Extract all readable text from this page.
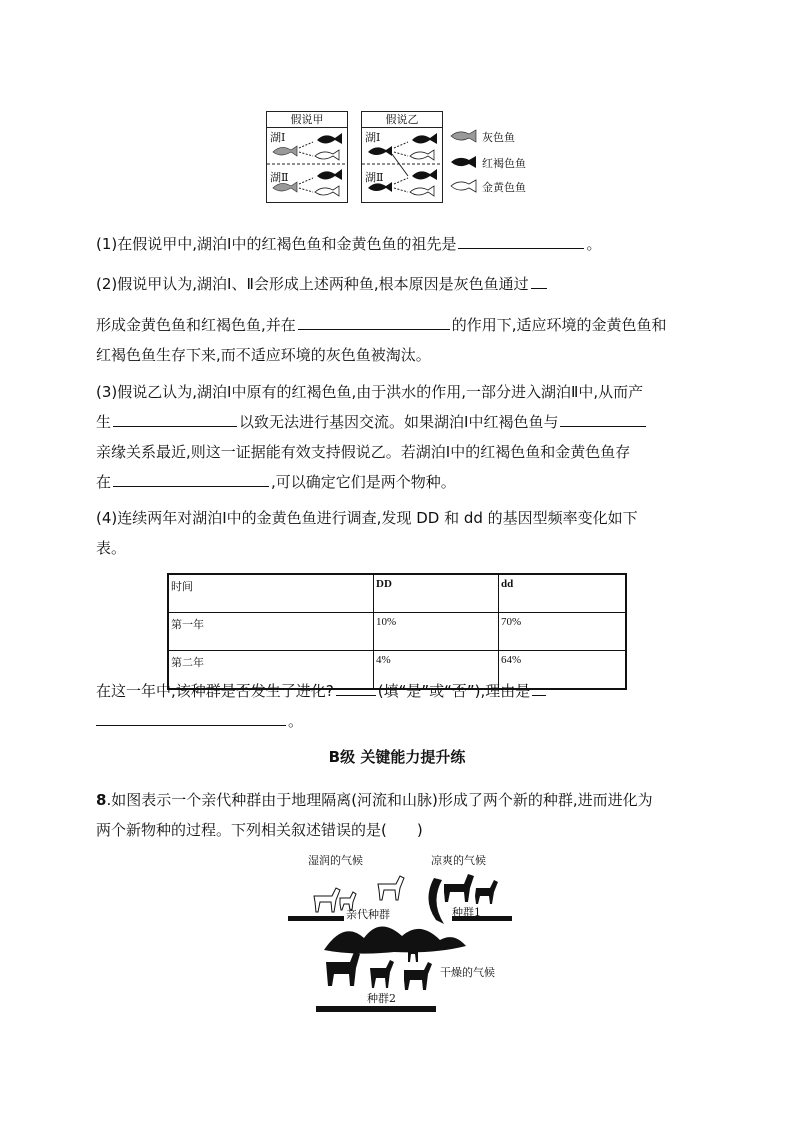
假说甲
湖Ⅰ
湖Ⅱ
假说乙
湖Ⅰ
湖Ⅱ
灰色鱼
红褐色鱼
金黄色鱼
(1)在假说甲中,湖泊Ⅰ中的红褐色鱼和金黄色鱼的祖先是	。
(2)假说甲认为,湖泊Ⅰ、Ⅱ会形成上述两种鱼,根本原因是灰色鱼通过
形成金黄色鱼和红褐色鱼,并在	的作用下,适应环境的金黄色鱼和
红褐色鱼生存下来,而不适应环境的灰色鱼被淘汰。
(3)假说乙认为,湖泊Ⅰ中原有的红褐色鱼,由于洪水的作用,一部分进入湖泊Ⅱ中,从而产
生	以致无法进行基因交流。如果湖泊Ⅰ中红褐色鱼与
亲缘关系最近,则这一证据能有效支持假说乙。若湖泊Ⅰ中的红褐色鱼和金黄色鱼存
在	,可以确定它们是两个物种。
(4)连续两年对湖泊Ⅰ中的金黄色鱼进行调查,发现 DD 和 dd 的基因型频率变化如下
表。
时间	DD	dd
第一年	10%	70%
第二年	4%	64%
在这一年中,该种群是否发生了进化?	(填“是”或“否”),理由是
。
B级 关键能力提升练
8.如图表示一个亲代种群由于地理隔离(河流和山脉)形成了两个新的种群,进而进化为
两个新物种的过程。下列相关叙述错误的是(　　)
湿润的气候	凉爽的气候
亲代种群	种群1
干燥的气候
种群2
